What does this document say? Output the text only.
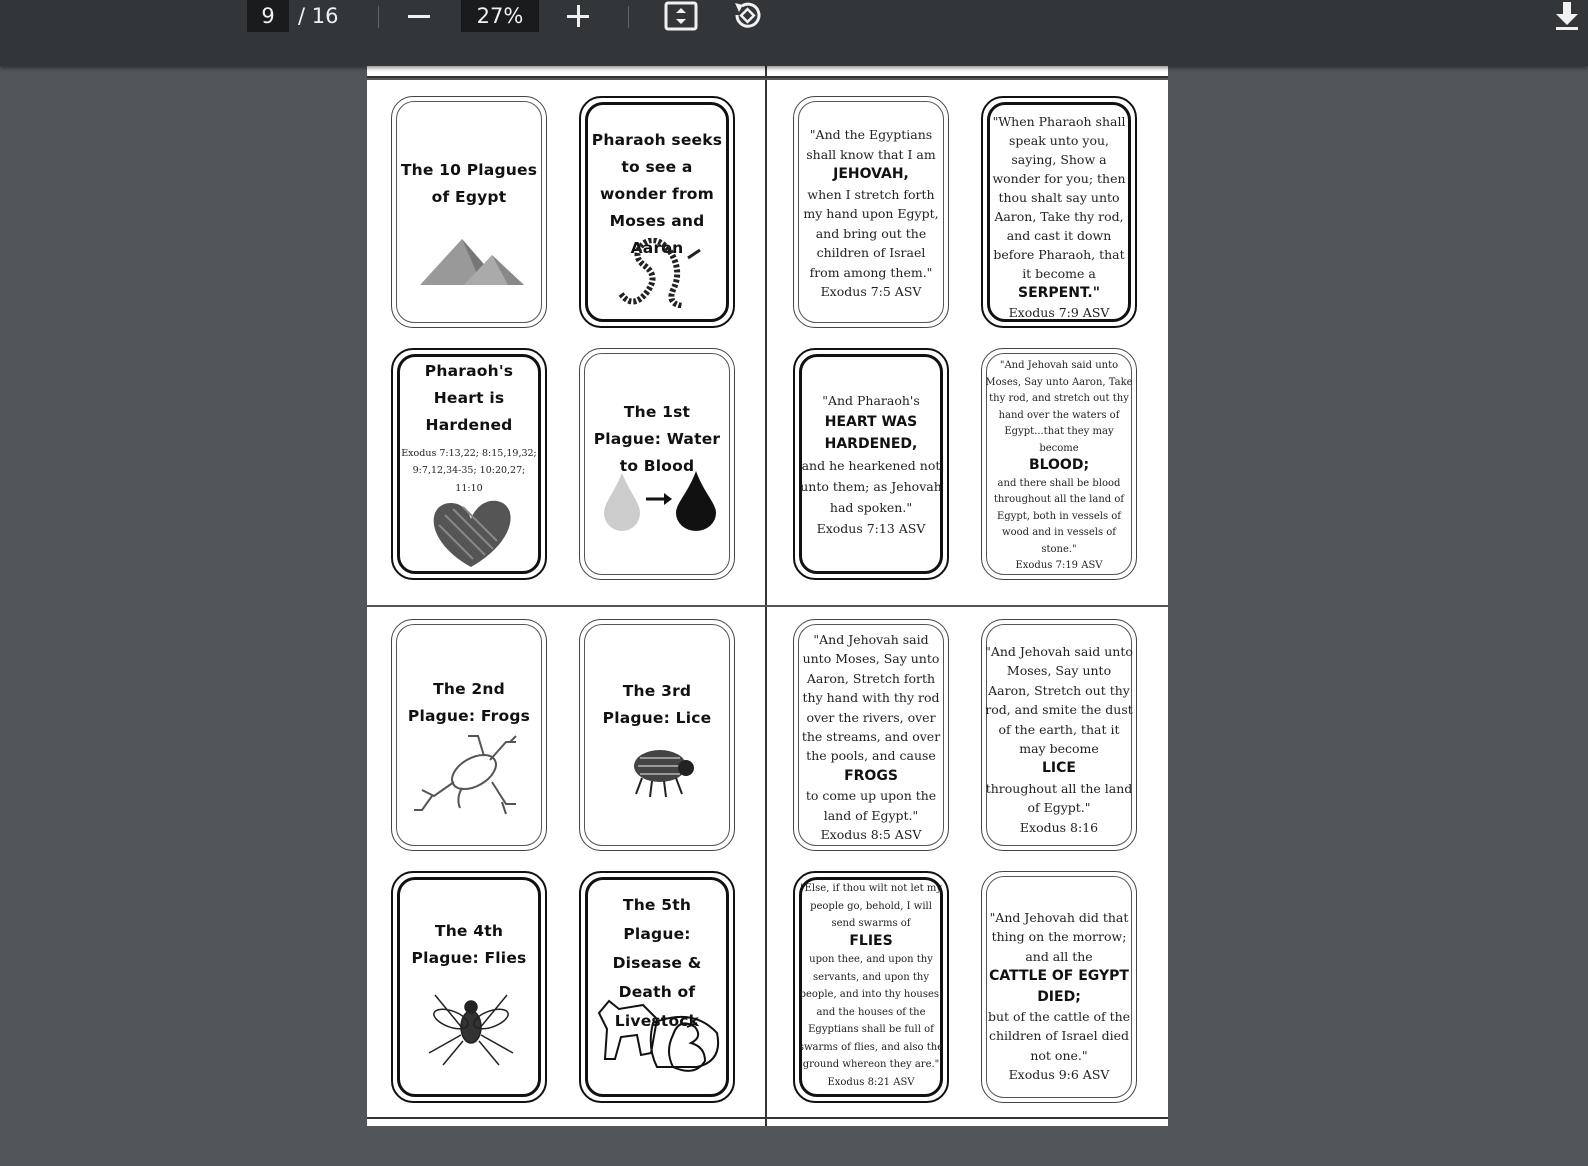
9	/ 16	27%
The 10 Plagues of Egypt
Pharaoh seeks to see a wonder from Moses and Aaron
Pharaoh's Heart is Hardened
Exodus 7:13,22; 8:15,19,32; 9:7,12,34-35; 10:20,27; 11:10
The 1st Plague: Water to Blood
"And the Egyptians shall know that I am
JEHOVAH,
when I stretch forth my hand upon Egypt, and bring out the children of Israel from among them."
Exodus 7:5 ASV
"When Pharaoh shall speak unto you, saying, Show a wonder for you; then thou shalt say unto Aaron, Take thy rod, and cast it down before Pharaoh, that it become a
SERPENT."
Exodus 7:9 ASV
"And Pharaoh's
HEART WAS HARDENED,
and he hearkened not unto them; as Jehovah had spoken."
Exodus 7:13 ASV
"And Jehovah said unto Moses, Say unto Aaron, Take thy rod, and stretch out thy hand over the waters of Egypt...that they may become
BLOOD;
and there shall be blood throughout all the land of Egypt, both in vessels of wood and in vessels of stone."
Exodus 7:19 ASV
The 2nd Plague: Frogs
The 3rd Plague: Lice
The 4th Plague: Flies
The 5th Plague: Disease & Death of Livestock
"And Jehovah said unto Moses, Say unto Aaron, Stretch forth thy hand with thy rod over the rivers, over the streams, and over the pools, and cause
FROGS
to come up upon the land of Egypt."
Exodus 8:5 ASV
"And Jehovah said unto Moses, Say unto Aaron, Stretch out thy rod, and smite the dust of the earth, that it may become
LICE
throughout all the land of Egypt."
Exodus 8:16
"Else, if thou wilt not let my people go, behold, I will send swarms of
FLIES
upon thee, and upon thy servants, and upon thy people, and into thy houses: and the houses of the Egyptians shall be full of swarms of flies, and also the ground whereon they are."
Exodus 8:21 ASV
"And Jehovah did that thing on the morrow; and all the
CATTLE OF EGYPT DIED;
but of the cattle of the children of Israel died not one."
Exodus 9:6 ASV
